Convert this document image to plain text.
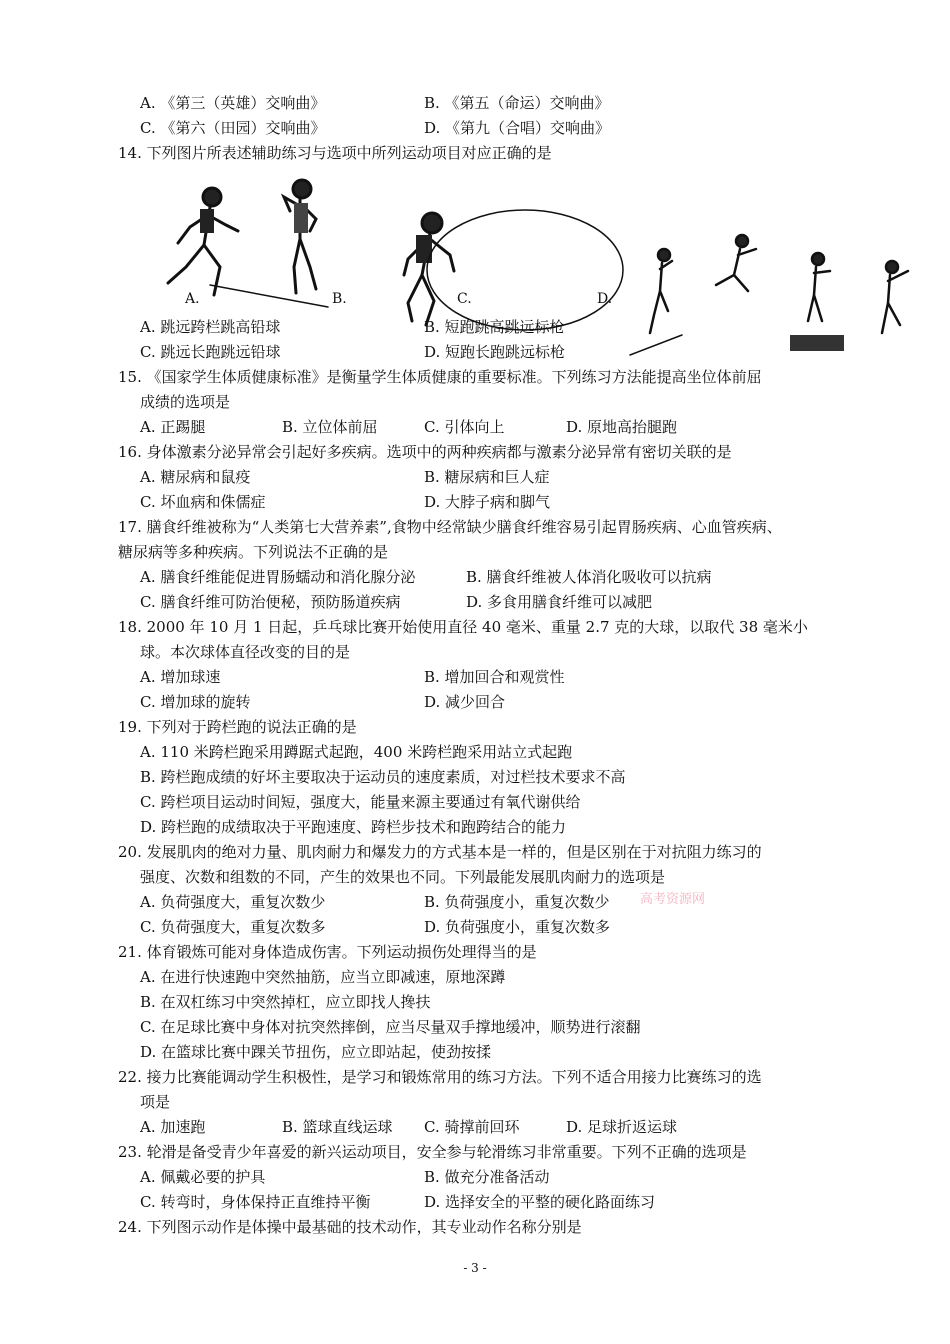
A. 《第三（英雄）交响曲》	B. 《第五（命运）交响曲》
C. 《第六（田园）交响曲》	D. 《第九（合唱）交响曲》
14. 下列图片所表述辅助练习与选项中所列运动项目对应正确的是
A.	B.	C.	D.
A. 跳远跨栏跳高铅球	B. 短跑跳高跳远标枪
C. 跳远长跑跳远铅球	D. 短跑长跑跳远标枪
15. 《国家学生体质健康标准》是衡量学生体质健康的重要标准。下列练习方法能提高坐位体前屈
成绩的选项是
A. 正踢腿	B. 立位体前屈	C. 引体向上	D. 原地高抬腿跑
16. 身体激素分泌异常会引起好多疾病。选项中的两种疾病都与激素分泌异常有密切关联的是
A. 糖尿病和鼠疫	B. 糖尿病和巨人症
C. 坏血病和侏儒症	D. 大脖子病和脚气
17. 膳食纤维被称为“人类第七大营养素”,食物中经常缺少膳食纤维容易引起胃肠疾病、心血管疾病、
糖尿病等多种疾病。下列说法不正确的是
A. 膳食纤维能促进胃肠蠕动和消化腺分泌	B. 膳食纤维被人体消化吸收可以抗病
C. 膳食纤维可防治便秘，预防肠道疾病	D. 多食用膳食纤维可以减肥
18. 2000 年 10 月 1 日起，乒乓球比赛开始使用直径 40 毫米、重量 2.7 克的大球，以取代 38 毫米小
球。本次球体直径改变的目的是
A. 增加球速	B. 增加回合和观赏性
C. 增加球的旋转	D. 减少回合
19. 下列对于跨栏跑的说法正确的是
A. 110 米跨栏跑采用蹲踞式起跑，400 米跨栏跑采用站立式起跑
B. 跨栏跑成绩的好坏主要取决于运动员的速度素质，对过栏技术要求不高
C. 跨栏项目运动时间短，强度大，能量来源主要通过有氧代谢供给
D. 跨栏跑的成绩取决于平跑速度、跨栏步技术和跑跨结合的能力
20. 发展肌肉的绝对力量、肌肉耐力和爆发力的方式基本是一样的，但是区别在于对抗阻力练习的
强度、次数和组数的不同，产生的效果也不同。下列最能发展肌肉耐力的选项是
A. 负荷强度大，重复次数少	B. 负荷强度小，重复次数少 高考资源网
C. 负荷强度大，重复次数多	D. 负荷强度小，重复次数多
21. 体育锻炼可能对身体造成伤害。下列运动损伤处理得当的是
A. 在进行快速跑中突然抽筋，应当立即减速，原地深蹲
B. 在双杠练习中突然掉杠，应立即找人搀扶
C. 在足球比赛中身体对抗突然摔倒，应当尽量双手撑地缓冲，顺势进行滚翻
D. 在篮球比赛中踝关节扭伤，应立即站起，使劲按揉
22. 接力比赛能调动学生积极性，是学习和锻炼常用的练习方法。下列不适合用接力比赛练习的选
项是
A. 加速跑	B. 篮球直线运球 C. 骑撑前回环	D. 足球折返运球
23. 轮滑是备受青少年喜爱的新兴运动项目，安全参与轮滑练习非常重要。下列不正确的选项是
A. 佩戴必要的护具	B. 做充分准备活动
C. 转弯时，身体保持正直维持平衡	D. 选择安全的平整的硬化路面练习
24. 下列图示动作是体操中最基础的技术动作，其专业动作名称分别是
- 3 -
